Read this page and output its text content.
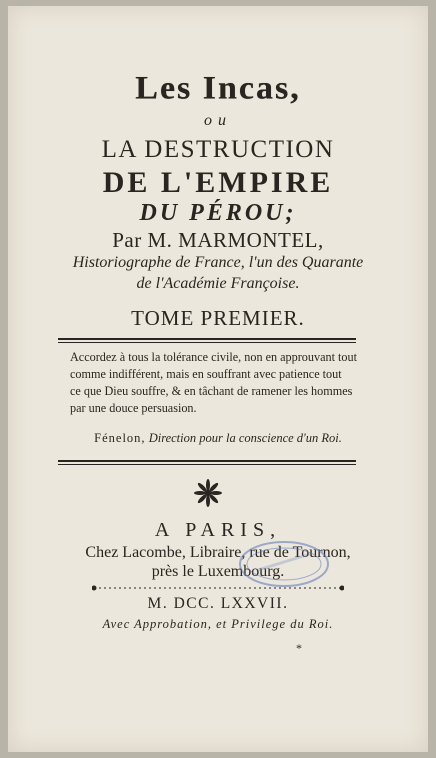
Les Incas,
ou
LA DESTRUCTION
DE L'EMPIRE
DU PÉROU;
Par M. MARMONTEL,
Historiographe de France, l'un des Quarante
de l'Académie Françoise.
TOME PREMIER.
Accordez à tous la tolérance civile, non en approuvant tout
comme indifférent, mais en souffrant avec patience tout
ce que Dieu souffre, & en tâchant de ramener les hommes
par une douce persuasion.
Fénelon, Direction pour la conscience d'un Roi.
A PARIS,
Chez Lacombe, Libraire, rue de Tournon,
près le Luxembourg.
M. DCC. LXXVII.
Avec Approbation, et Privilege du Roi.
*
